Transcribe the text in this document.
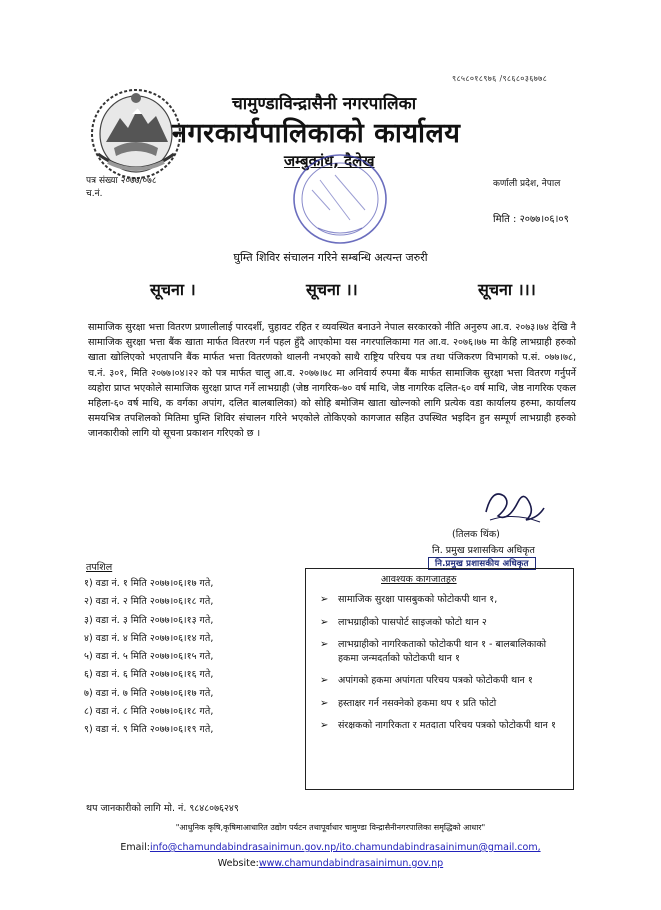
९८५८०१८९७६ /९८६८०३६७७८
चामुण्डाविन्द्रासैनी नगरपालिका
नगरकार्यपालिकाको कार्यालय
जम्बुकांध, दैलेख
पत्र संख्या २०७७/०७८
च.नं.
कर्णाली प्रदेश, नेपाल
मिति : २०७७।०६।०९
घुम्ति शिविर संचालन गरिने सम्बन्धि अत्यन्त जरुरी
सूचना ।	सूचना ।।	सूचना ।।।
सामाजिक सुरक्षा भत्ता वितरण प्रणालीलाई पारदर्शी, चुहावट रहित र व्यवस्थित बनाउने नेपाल सरकारको नीति अनुरुप आ.व. २०७३।७४ देखि नै सामाजिक सुरक्षा भत्ता बैंक खाता मार्फत वितरण गर्न पहल हुँदै आएकोमा यस नगरपालिकामा गत आ.व. २०७६।७७ मा केहि लाभग्राही हरुको खाता खोलिएको भएतापनि बैंक मार्फत भत्ता वितरणको थालनी नभएको साथै राष्ट्रिय परिचय पत्र तथा पंजिकरण विभागको प.सं. ०७७।७८, च.नं. ३०१, मिति २०७७।०४।२२ को पत्र मार्फत चालु आ.व. २०७७।७८ मा अनिवार्य रुपमा बैंक मार्फत सामाजिक सुरक्षा भत्ता वितरण गर्नुपर्ने व्यहोरा प्राप्त भएकोले सामाजिक सुरक्षा प्राप्त गर्ने लाभग्राही (जेष्ठ नागरिक-७० वर्ष माथि, जेष्ठ नागरिक दलित-६० वर्ष माथि, जेष्ठ नागरिक एकल महिला-६० वर्ष माथि, क वर्गका अपांग, दलित बालबालिका) को सोहि बमोजिम खाता खोल्नको लागि प्रत्येक वडा कार्यालय हरुमा, कार्यालय समयभित्र तपशिलको मितिमा घुम्ति शिविर संचालन गरिने भएकोले तोकिएको कागजात सहित उपस्थित भइदिन हुन सम्पूर्ण लाभग्राही हरुको जानकारीको लागि यो सूचना प्रकाशन गरिएको छ ।
(तिलक थिंक)
नि. प्रमुख प्रशासकिय अधिकृत
नि.प्रमुख प्रशासकीय अधिकृत
तपशिल
१) वडा नं. १ मिति २०७७।०६।१७ गते,
२) वडा नं. २ मिति २०७७।०६।१८ गते,
३) वडा नं. ३ मिति २०७७।०६।१३ गते,
४) वडा नं. ४ मिति २०७७।०६।१४ गते,
५) वडा नं. ५ मिति २०७७।०६।१५ गते,
६) वडा नं. ६ मिति २०७७।०६।१६ गते,
७) वडा नं. ७ मिति २०७७।०६।१७ गते,
८) वडा नं. ८ मिति २०७७।०६।१८ गते,
९) वडा नं. ९ मिति २०७७।०६।१९ गते,
आवश्यक कागजातहरु
➢ सामाजिक सुरक्षा पासबुकको फोटोकपी थान १,
➢ लाभग्राहीको पासपोर्ट साइजको फोटो थान २
➢ लाभग्राहीको नागरिकताको फोटोकपी थान १ - बालबालिकाको हकमा जन्मदर्ताको फोटोकपी थान १
➢ अपांगको हकमा अपांगता परिचय पत्रको फोटोकपी थान १
➢ हस्ताक्षर गर्न नसक्नेको हकमा थप १ प्रति फोटो
➢ संरक्षकको नागरिकता र मतदाता परिचय पत्रको फोटोकपी थान १
थप जानकारीको लागि मो. नं. ९८४८०७६२४९
"आधुनिक कृषि,कृषिमाआधारित उद्योग पर्यटन तथापूर्वाधार चामुण्डा विन्द्रासैनीनगरपालिका समृद्धिको आधार"
Email:info@chamundabindrasainimun.gov.np/ito.chamundabindrasainimun@gmail.com,
Website:www.chamundabindrasainimun.gov.np
